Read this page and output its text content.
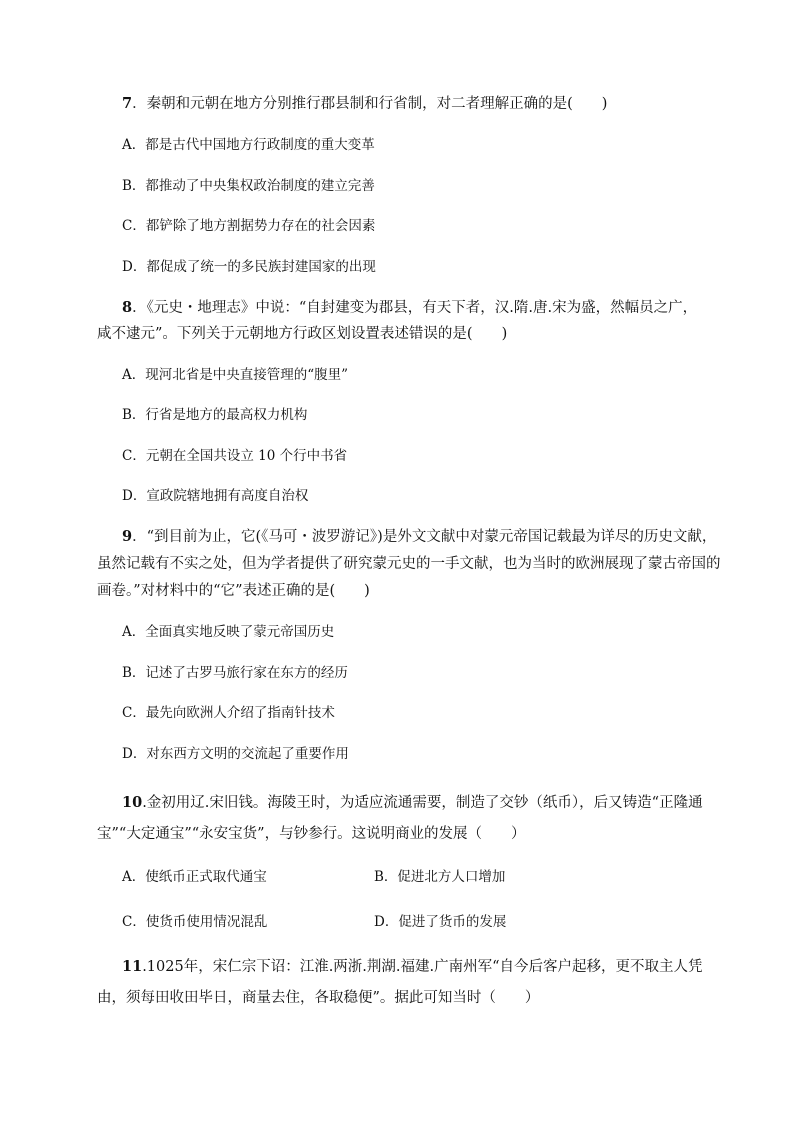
7．秦朝和元朝在地方分别推行郡县制和行省制，对二者理解正确的是(　　)
A．都是古代中国地方行政制度的重大变革
B．都推动了中央集权政治制度的建立完善
C．都铲除了地方割据势力存在的社会因素
D．都促成了统一的多民族封建国家的出现
8．《元史・地理志》中说：“自封建变为郡县，有天下者，汉.隋.唐.宋为盛，然幅员之广，
咸不逮元”。下列关于元朝地方行政区划设置表述错误的是(　　)
A．现河北省是中央直接管理的“腹里”
B．行省是地方的最高权力机构
C．元朝在全国共设立 10 个行中书省
D．宣政院辖地拥有高度自治权
9．“到目前为止，它(《马可・波罗游记》)是外文文献中对蒙元帝国记载最为详尽的历史文献，
虽然记载有不实之处，但为学者提供了研究蒙元史的一手文献，也为当时的欧洲展现了蒙古帝国的
画卷。”对材料中的“它”表述正确的是(　　)
A．全面真实地反映了蒙元帝国历史
B．记述了古罗马旅行家在东方的经历
C．最先向欧洲人介绍了指南针技术
D．对东西方文明的交流起了重要作用
10.金初用辽.宋旧钱。海陵王时，为适应流通需要，制造了交钞（纸币），后又铸造“正隆通
宝”“大定通宝”“永安宝货”，与钞参行。这说明商业的发展（　　）
A．使纸币正式取代通宝	B．促进北方人口增加
C．使货币使用情况混乱	D．促进了货币的发展
11.1025年，宋仁宗下诏：江淮.两浙.荆湖.福建.广南州军“自今后客户起移，更不取主人凭
由，须每田收田毕日，商量去住，各取稳便”。据此可知当时（　　）
